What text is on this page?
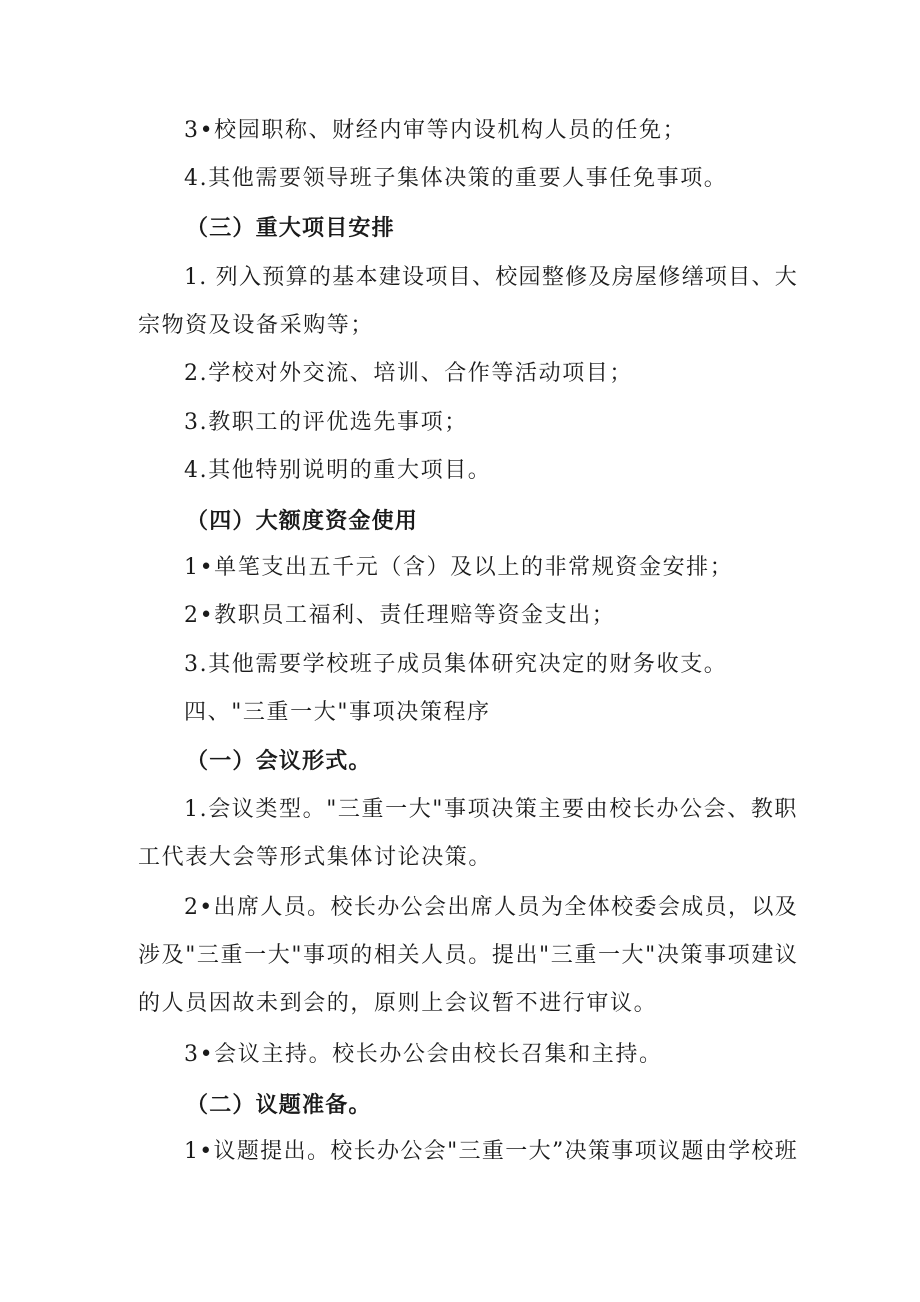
3•校园职称、财经内审等内设机构人员的任免；
4.其他需要领导班子集体决策的重要人事任免事项。
（三）重大项目安排
1. 列入预算的基本建设项目、校园整修及房屋修缮项目、大
宗物资及设备采购等；
2.学校对外交流、培训、合作等活动项目；
3.教职工的评优选先事项；
4.其他特别说明的重大项目。
（四）大额度资金使用
1•单笔支出五千元（含）及以上的非常规资金安排；
2•教职员工福利、责任理赔等资金支出；
3.其他需要学校班子成员集体研究决定的财务收支。
四、"三重一大"事项决策程序
（一）会议形式。
1.会议类型。"三重一大"事项决策主要由校长办公会、教职
工代表大会等形式集体讨论决策。
2•出席人员。校长办公会出席人员为全体校委会成员，以及
涉及"三重一大"事项的相关人员。提出"三重一大"决策事项建议
的人员因故未到会的，原则上会议暂不进行审议。
3•会议主持。校长办公会由校长召集和主持。
（二）议题准备。
1•议题提出。校长办公会"三重一大”决策事项议题由学校班
